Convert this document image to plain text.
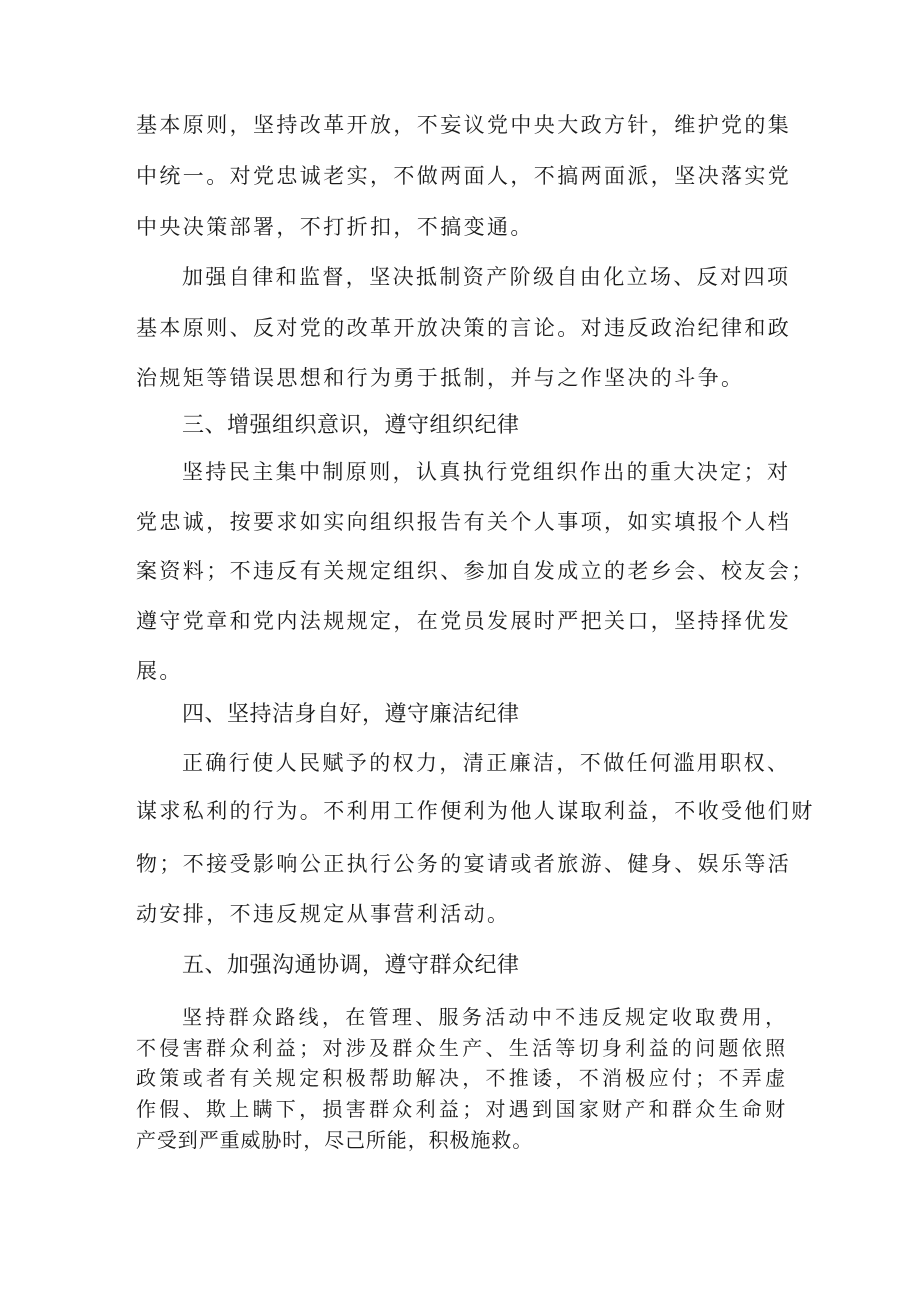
基本原则，坚持改革开放，不妄议党中央大政方针，维护党的集
中统一。对党忠诚老实，不做两面人，不搞两面派，坚决落实党
中央决策部署，不打折扣，不搞变通。
加强自律和监督，坚决抵制资产阶级自由化立场、反对四项
基本原则、反对党的改革开放决策的言论。对违反政治纪律和政
治规矩等错误思想和行为勇于抵制，并与之作坚决的斗争。
三、增强组织意识，遵守组织纪律
坚持民主集中制原则，认真执行党组织作出的重大决定；对
党忠诚，按要求如实向组织报告有关个人事项，如实填报个人档
案资料；不违反有关规定组织、参加自发成立的老乡会、校友会；
遵守党章和党内法规规定，在党员发展时严把关口，坚持择优发
展。
四、坚持洁身自好，遵守廉洁纪律
正确行使人民赋予的权力，清正廉洁，不做任何滥用职权、
谋求私利的行为。不利用工作便利为他人谋取利益，不收受他们财
物；不接受影响公正执行公务的宴请或者旅游、健身、娱乐等活
动安排，不违反规定从事营利活动。
五、加强沟通协调，遵守群众纪律
坚持群众路线，在管理、服务活动中不违反规定收取费用，
不侵害群众利益；对涉及群众生产、生活等切身利益的问题依照
政策或者有关规定积极帮助解决，不推诿，不消极应付；不弄虚
作假、欺上瞒下，损害群众利益；对遇到国家财产和群众生命财
产受到严重威胁时，尽己所能，积极施救。
